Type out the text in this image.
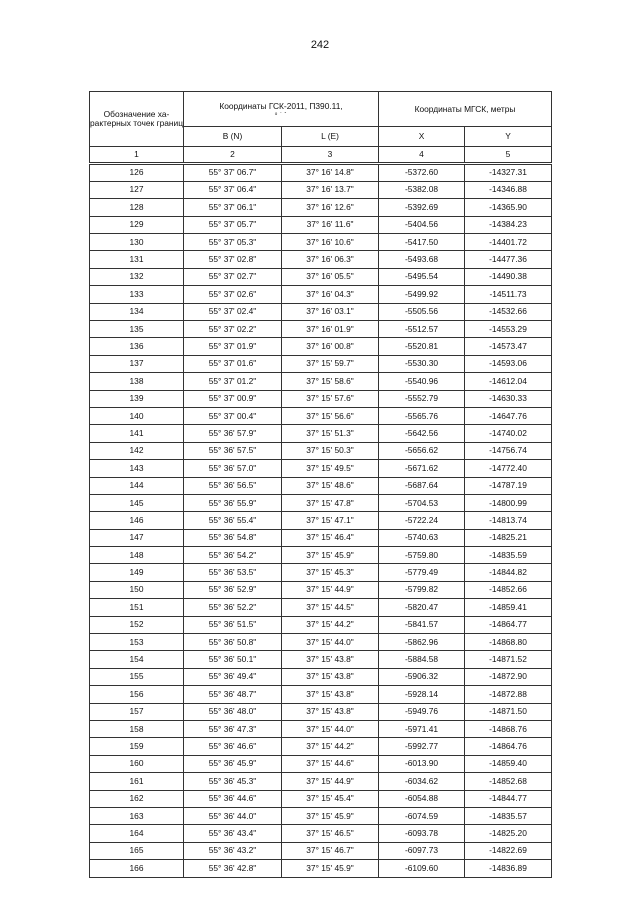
242
Обозначение ха-рактерных точек границ	Координаты ГСК-2011, П390.11,
о ' "		Координаты МГСК, метры	
	B (N)	L (E)	X	Y
1	2	3	4	5
126	55° 37' 06.7"	37° 16' 14.8"	-5372.60	-14327.31
127	55° 37' 06.4"	37° 16' 13.7"	-5382.08	-14346.88
128	55° 37' 06.1"	37° 16' 12.6"	-5392.69	-14365.90
129	55° 37' 05.7"	37° 16' 11.6"	-5404.56	-14384.23
130	55° 37' 05.3"	37° 16' 10.6"	-5417.50	-14401.72
131	55° 37' 02.8"	37° 16' 06.3"	-5493.68	-14477.36
132	55° 37' 02.7"	37° 16' 05.5"	-5495.54	-14490.38
133	55° 37' 02.6"	37° 16' 04.3"	-5499.92	-14511.73
134	55° 37' 02.4"	37° 16' 03.1"	-5505.56	-14532.66
135	55° 37' 02.2"	37° 16' 01.9"	-5512.57	-14553.29
136	55° 37' 01.9"	37° 16' 00.8"	-5520.81	-14573.47
137	55° 37' 01.6"	37° 15' 59.7"	-5530.30	-14593.06
138	55° 37' 01.2"	37° 15' 58.6"	-5540.96	-14612.04
139	55° 37' 00.9"	37° 15' 57.6"	-5552.79	-14630.33
140	55° 37' 00.4"	37° 15' 56.6"	-5565.76	-14647.76
141	55° 36' 57.9"	37° 15' 51.3"	-5642.56	-14740.02
142	55° 36' 57.5"	37° 15' 50.3"	-5656.62	-14756.74
143	55° 36' 57.0"	37° 15' 49.5"	-5671.62	-14772.40
144	55° 36' 56.5"	37° 15' 48.6"	-5687.64	-14787.19
145	55° 36' 55.9"	37° 15' 47.8"	-5704.53	-14800.99
146	55° 36' 55.4"	37° 15' 47.1"	-5722.24	-14813.74
147	55° 36' 54.8"	37° 15' 46.4"	-5740.63	-14825.21
148	55° 36' 54.2"	37° 15' 45.9"	-5759.80	-14835.59
149	55° 36' 53.5"	37° 15' 45.3"	-5779.49	-14844.82
150	55° 36' 52.9"	37° 15' 44.9"	-5799.82	-14852.66
151	55° 36' 52.2"	37° 15' 44.5"	-5820.47	-14859.41
152	55° 36' 51.5"	37° 15' 44.2"	-5841.57	-14864.77
153	55° 36' 50.8"	37° 15' 44.0"	-5862.96	-14868.80
154	55° 36' 50.1"	37° 15' 43.8"	-5884.58	-14871.52
155	55° 36' 49.4"	37° 15' 43.8"	-5906.32	-14872.90
156	55° 36' 48.7"	37° 15' 43.8"	-5928.14	-14872.88
157	55° 36' 48.0"	37° 15' 43.8"	-5949.76	-14871.50
158	55° 36' 47.3"	37° 15' 44.0"	-5971.41	-14868.76
159	55° 36' 46.6"	37° 15' 44.2"	-5992.77	-14864.76
160	55° 36' 45.9"	37° 15' 44.6"	-6013.90	-14859.40
161	55° 36' 45.3"	37° 15' 44.9"	-6034.62	-14852.68
162	55° 36' 44.6"	37° 15' 45.4"	-6054.88	-14844.77
163	55° 36' 44.0"	37° 15' 45.9"	-6074.59	-14835.57
164	55° 36' 43.4"	37° 15' 46.5"	-6093.78	-14825.20
165	55° 36' 43.2"	37° 15' 46.7"	-6097.73	-14822.69
166	55° 36' 42.8"	37° 15' 45.9"	-6109.60	-14836.89
